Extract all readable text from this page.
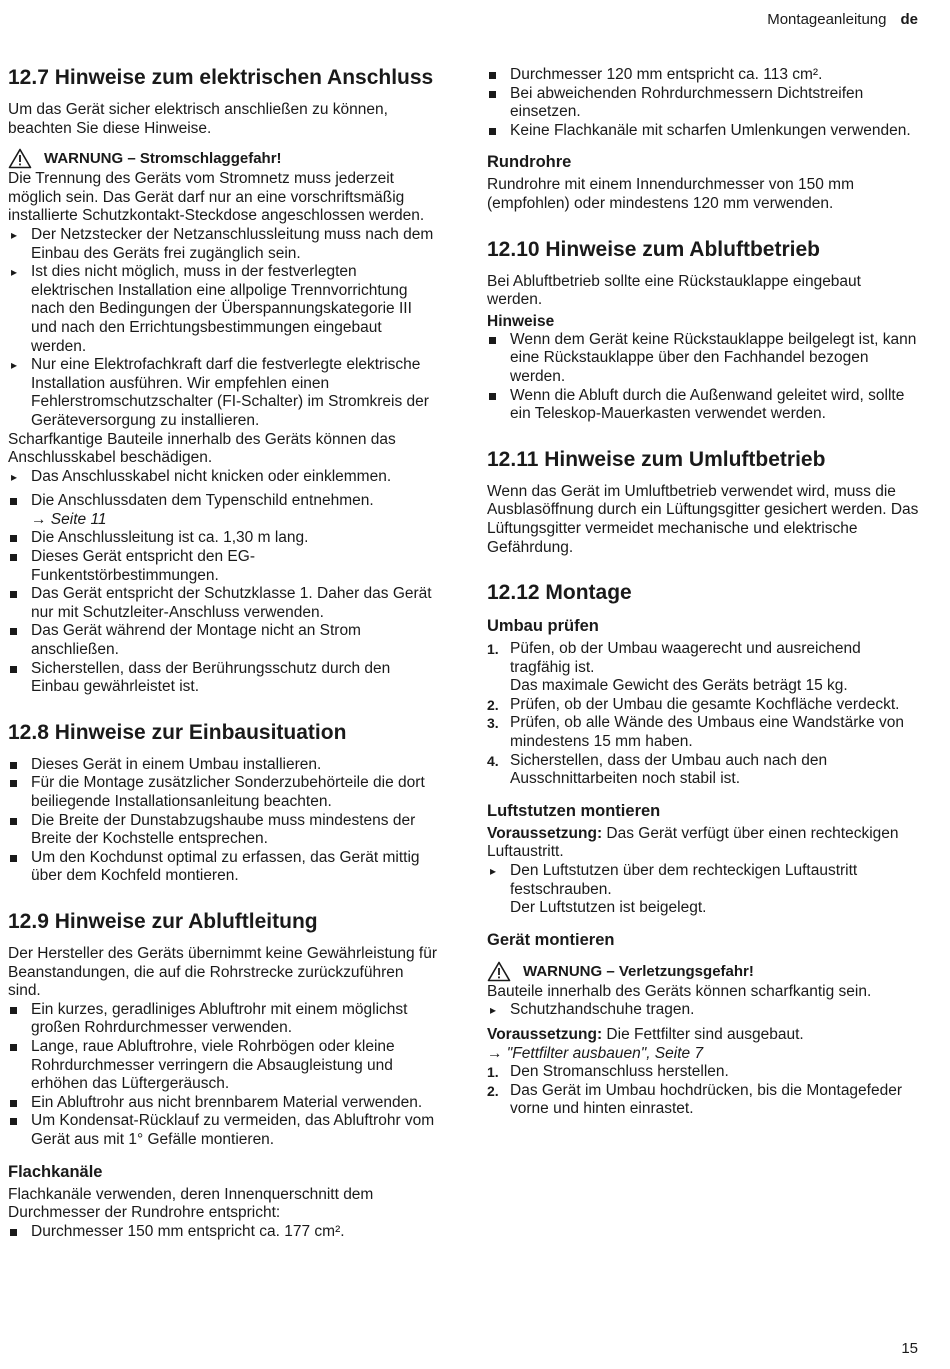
Montageanleitung de
12.7 Hinweise zum elektrischen Anschluss

Um das Gerät sicher elektrisch anschließen zu können, beachten Sie diese Hinweise.

WARNUNG – Stromschlaggefahr!

Die Trennung des Geräts vom Stromnetz muss jederzeit möglich sein. Das Gerät darf nur an eine vorschriftsmäßig installierte Schutzkontakt-Steckdose angeschlossen werden.

▸ Der Netzstecker der Netzanschlussleitung muss nach dem Einbau des Geräts frei zugänglich sein.
▸ Ist dies nicht möglich, muss in der festverlegten elektrischen Installation eine allpolige Trennvorrichtung nach den Bedingungen der Überspannungskategorie III und nach den Errichtungsbestimmungen eingebaut werden.
▸ Nur eine Elektrofachkraft darf die festverlegte elektrische Installation ausführen. Wir empfehlen einen Fehlerstromschutzschalter (FI-Schalter) im Stromkreis der Geräteversorgung zu installieren.

Scharfkantige Bauteile innerhalb des Geräts können das Anschlusskabel beschädigen.

▸ Das Anschlusskabel nicht knicken oder einklemmen.
Die Anschlussdaten dem Typenschild entnehmen.
→ Seite 11
Die Anschlussleitung ist ca. 1,30 m lang.
Dieses Gerät entspricht den EG-Funkentstörbestimmungen.
Das Gerät entspricht der Schutzklasse 1. Daher das Gerät nur mit Schutzleiter-Anschluss verwenden.
Das Gerät während der Montage nicht an Strom anschließen.
Sicherstellen, dass der Berührungsschutz durch den Einbau gewährleistet ist.
12.8 Hinweise zur Einbausituation
Dieses Gerät in einem Umbau installieren.
Für die Montage zusätzlicher Sonderzubehörteile die dort beiliegende Installationsanleitung beachten.
Die Breite der Dunstabzugshaube muss mindestens der Breite der Kochstelle entsprechen.
Um den Kochdunst optimal zu erfassen, das Gerät mittig über dem Kochfeld montieren.
12.9 Hinweise zur Abluftleitung

Der Hersteller des Geräts übernimmt keine Gewährleistung für Beanstandungen, die auf die Rohrstrecke zurückzuführen sind.

Ein kurzes, geradliniges Abluftrohr mit einem möglichst großen Rohrdurchmesser verwenden.
Lange, raue Abluftrohre, viele Rohrbögen oder kleine Rohrdurchmesser verringern die Absaugleistung und erhöhen das Lüftergeräusch.
Ein Abluftrohr aus nicht brennbarem Material verwenden.
Um Kondensat-Rücklauf zu vermeiden, das Abluftrohr vom Gerät aus mit 1° Gefälle montieren.
Flachkanäle

Flachkanäle verwenden, deren Innenquerschnitt dem Durchmesser der Rundrohre entspricht:

Durchmesser 150 mm entspricht ca. 177 cm².
Durchmesser 120 mm entspricht ca. 113 cm².
Bei abweichenden Rohrdurchmessern Dichtstreifen einsetzen.
Keine Flachkanäle mit scharfen Umlenkungen verwenden.
Rundrohre

Rundrohre mit einem Innendurchmesser von 150 mm (empfohlen) oder mindestens 120 mm verwenden.

12.10 Hinweise zum Abluftbetrieb

Bei Abluftbetrieb sollte eine Rückstauklappe eingebaut werden.

Hinweise
Wenn dem Gerät keine Rückstauklappe beilgelegt ist, kann eine Rückstauklappe über den Fachhandel bezogen werden.
Wenn die Abluft durch die Außenwand geleitet wird, sollte ein Teleskop-Mauerkasten verwendet werden.
12.11 Hinweise zum Umluftbetrieb

Wenn das Gerät im Umluftbetrieb verwendet wird, muss die Ausblasöffnung durch ein Lüftungsgitter gesichert werden. Das Lüftungsgitter vermeidet mechanische und elektrische Gefährdung.

12.12 Montage
Umbau prüfen
1. Püfen, ob der Umbau waagerecht und ausreichend tragfähig ist.
Das maximale Gewicht des Geräts beträgt 15 kg.
2. Prüfen, ob der Umbau die gesamte Kochfläche verdeckt.
3. Prüfen, ob alle Wände des Umbaus eine Wandstärke von mindestens 15 mm haben.
4. Sicherstellen, dass der Umbau auch nach den Ausschnittarbeiten noch stabil ist.
Luftstutzen montieren

Voraussetzung: Das Gerät verfügt über einen rechteckigen Luftaustritt.

▸ Den Luftstutzen über dem rechteckigen Luftaustritt festschrauben.
Der Luftstutzen ist beigelegt.
Gerät montieren
WARNUNG – Verletzungsgefahr!

Bauteile innerhalb des Geräts können scharfkantig sein.

▸ Schutzhandschuhe tragen.

Voraussetzung: Die Fettfilter sind ausgebaut.

→ "Fettfilter ausbauen", Seite 7

1. Den Stromanschluss herstellen.
2. Das Gerät im Umbau hochdrücken, bis die Montagefeder vorne und hinten einrastet.
15
